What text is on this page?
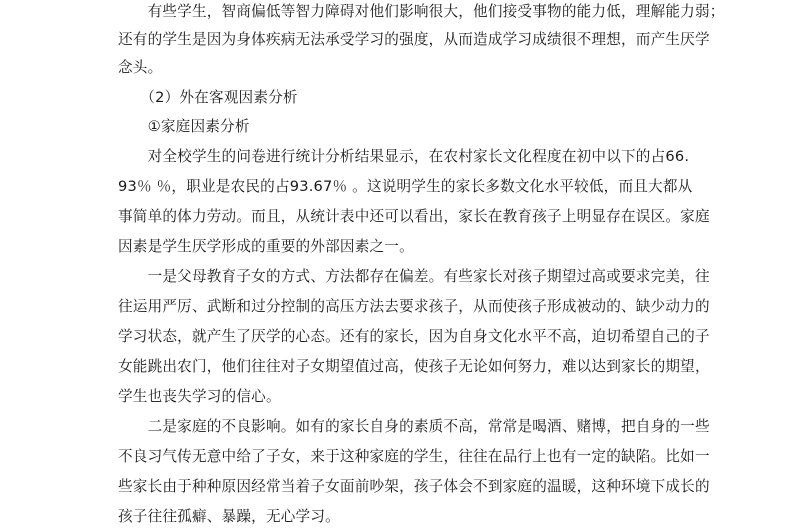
　　有些学生，智商偏低等智力障碍对他们影响很大，他们接受事物的能力低，理解能力弱；
还有的学生是因为身体疾病无法承受学习的强度，从而造成学习成绩很不理想，而产生厌学
念头。
　　（2）外在客观因素分析
　　①家庭因素分析
　　对全校学生的问卷进行统计分析结果显示，在农村家长文化程度在初中以下的占66.
93％ ％，职业是农民的占93.67％ 。这说明学生的家长多数文化水平较低，而且大都从
事简单的体力劳动。而且，从统计表中还可以看出，家长在教育孩子上明显存在误区。家庭
因素是学生厌学形成的重要的外部因素之一。
　　一是父母教育子女的方式、方法都存在偏差。有些家长对孩子期望过高或要求完美，往
往运用严厉、武断和过分控制的高压方法去要求孩子，从而使孩子形成被动的、缺少动力的
学习状态，就产生了厌学的心态。还有的家长，因为自身文化水平不高，迫切希望自己的子
女能跳出农门，他们往往对子女期望值过高，使孩子无论如何努力，难以达到家长的期望，
学生也丧失学习的信心。
　　二是家庭的不良影响。如有的家长自身的素质不高，常常是喝酒、赌博，把自身的一些
不良习气传无意中给了子女，来于这种家庭的学生，往往在品行上也有一定的缺陷。比如一
些家长由于种种原因经常当着子女面前吵架，孩子体会不到家庭的温暖，这种环境下成长的
孩子往往孤癖、暴躁，无心学习。
